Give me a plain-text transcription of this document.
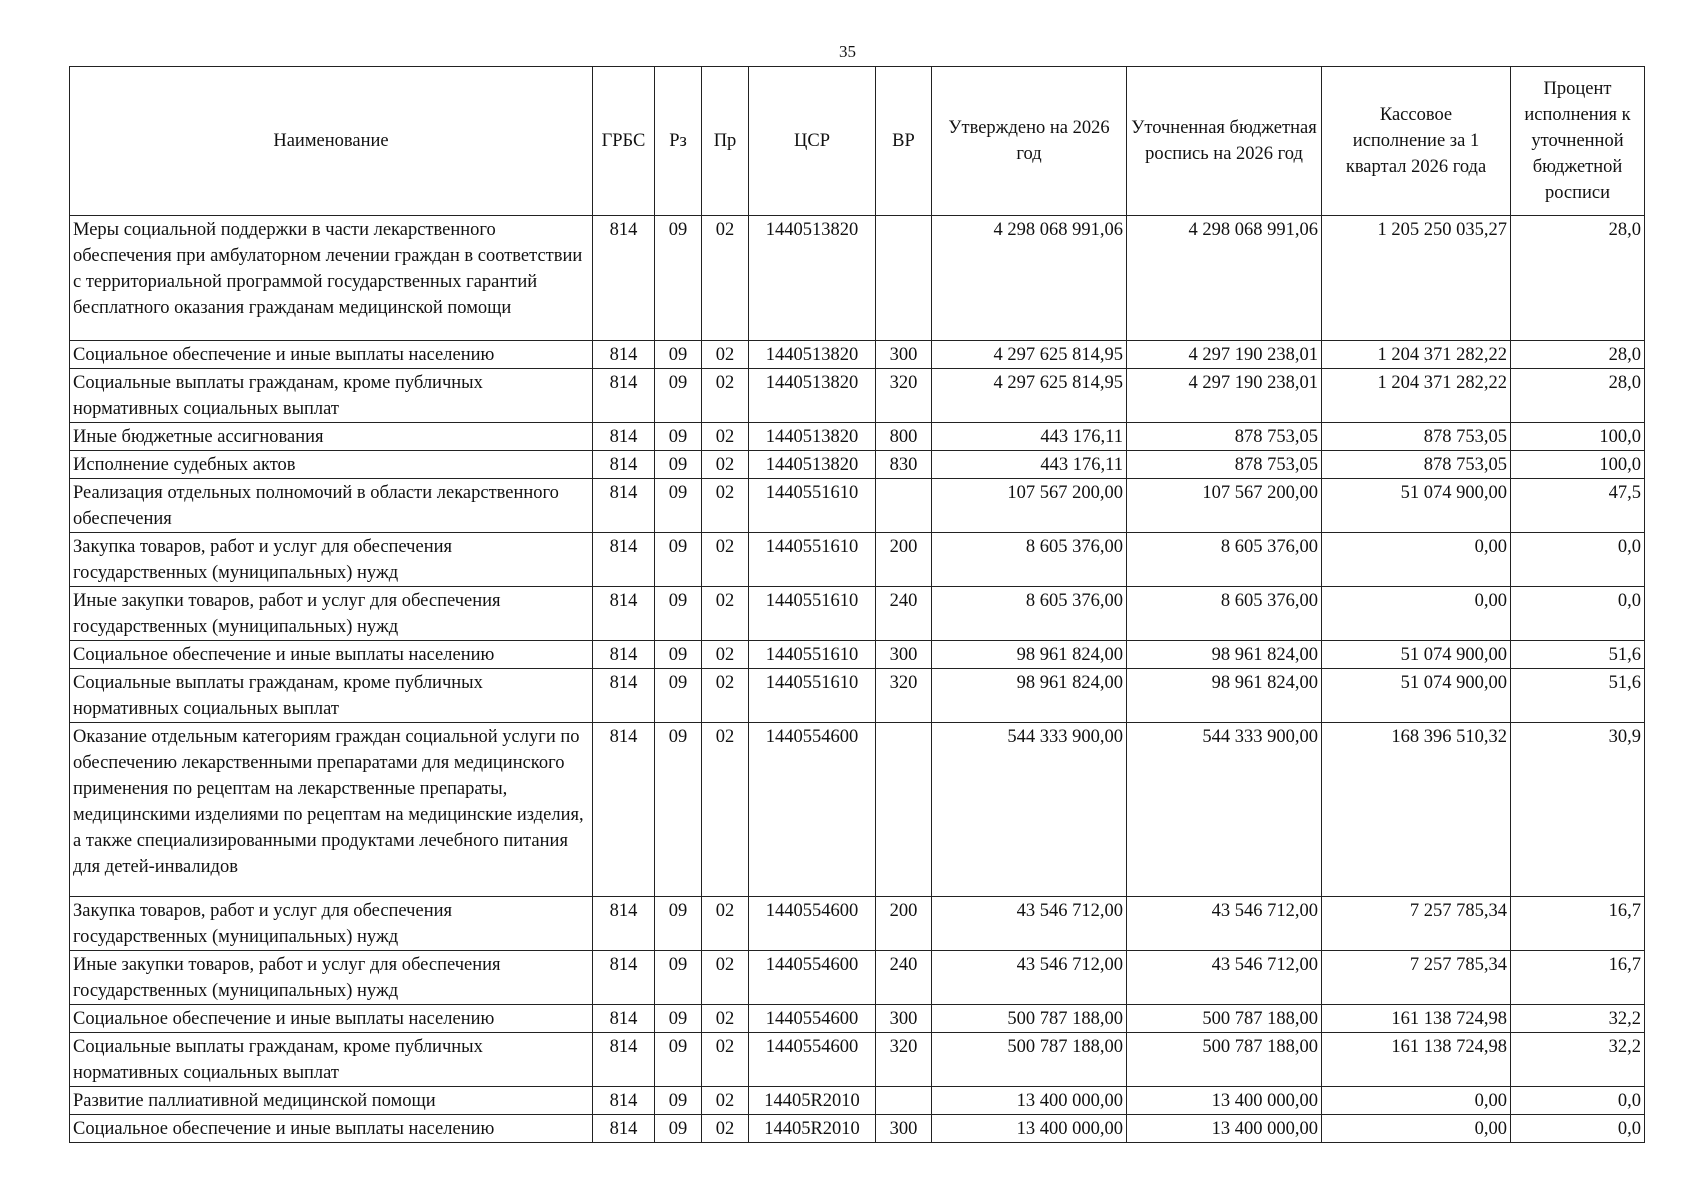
35
Наименование	ГРБС	Рз	Пр	ЦСР	ВР	Утверждено на 2026 год	Уточненная бюджетная роспись на 2026 год	Кассовое исполнение за 1 квартал 2026 года	Процент исполнения к уточненной бюджетной росписи
Меры социальной поддержки в части лекарственного обеспечения при амбулаторном лечении граждан в соответствии с территориальной программой государственных гарантий бесплатного оказания гражданам медицинской помощи	814	09	02	1440513820		4 298 068 991,06	4 298 068 991,06	1 205 250 035,27	28,0
Социальное обеспечение и иные выплаты населению	814	09	02	1440513820	300	4 297 625 814,95	4 297 190 238,01	1 204 371 282,22	28,0
Социальные выплаты гражданам, кроме публичных нормативных социальных выплат	814	09	02	1440513820	320	4 297 625 814,95	4 297 190 238,01	1 204 371 282,22	28,0
Иные бюджетные ассигнования	814	09	02	1440513820	800	443 176,11	878 753,05	878 753,05	100,0
Исполнение судебных актов	814	09	02	1440513820	830	443 176,11	878 753,05	878 753,05	100,0
Реализация отдельных полномочий в области лекарственного обеспечения	814	09	02	1440551610		107 567 200,00	107 567 200,00	51 074 900,00	47,5
Закупка товаров, работ и услуг для обеспечения государственных (муниципальных) нужд	814	09	02	1440551610	200	8 605 376,00	8 605 376,00	0,00	0,0
Иные закупки товаров, работ и услуг для обеспечения государственных (муниципальных) нужд	814	09	02	1440551610	240	8 605 376,00	8 605 376,00	0,00	0,0
Социальное обеспечение и иные выплаты населению	814	09	02	1440551610	300	98 961 824,00	98 961 824,00	51 074 900,00	51,6
Социальные выплаты гражданам, кроме публичных нормативных социальных выплат	814	09	02	1440551610	320	98 961 824,00	98 961 824,00	51 074 900,00	51,6
Оказание отдельным категориям граждан социальной услуги по обеспечению лекарственными препаратами для медицинского применения по рецептам на лекарственные препараты, медицинскими изделиями по рецептам на медицинские изделия, а также специализированными продуктами лечебного питания для детей-инвалидов	814	09	02	1440554600		544 333 900,00	544 333 900,00	168 396 510,32	30,9
Закупка товаров, работ и услуг для обеспечения государственных (муниципальных) нужд	814	09	02	1440554600	200	43 546 712,00	43 546 712,00	7 257 785,34	16,7
Иные закупки товаров, работ и услуг для обеспечения государственных (муниципальных) нужд	814	09	02	1440554600	240	43 546 712,00	43 546 712,00	7 257 785,34	16,7
Социальное обеспечение и иные выплаты населению	814	09	02	1440554600	300	500 787 188,00	500 787 188,00	161 138 724,98	32,2
Социальные выплаты гражданам, кроме публичных нормативных социальных выплат	814	09	02	1440554600	320	500 787 188,00	500 787 188,00	161 138 724,98	32,2
Развитие паллиативной медицинской помощи	814	09	02	14405R2010		13 400 000,00	13 400 000,00	0,00	0,0
Социальное обеспечение и иные выплаты населению	814	09	02	14405R2010	300	13 400 000,00	13 400 000,00	0,00	0,0
